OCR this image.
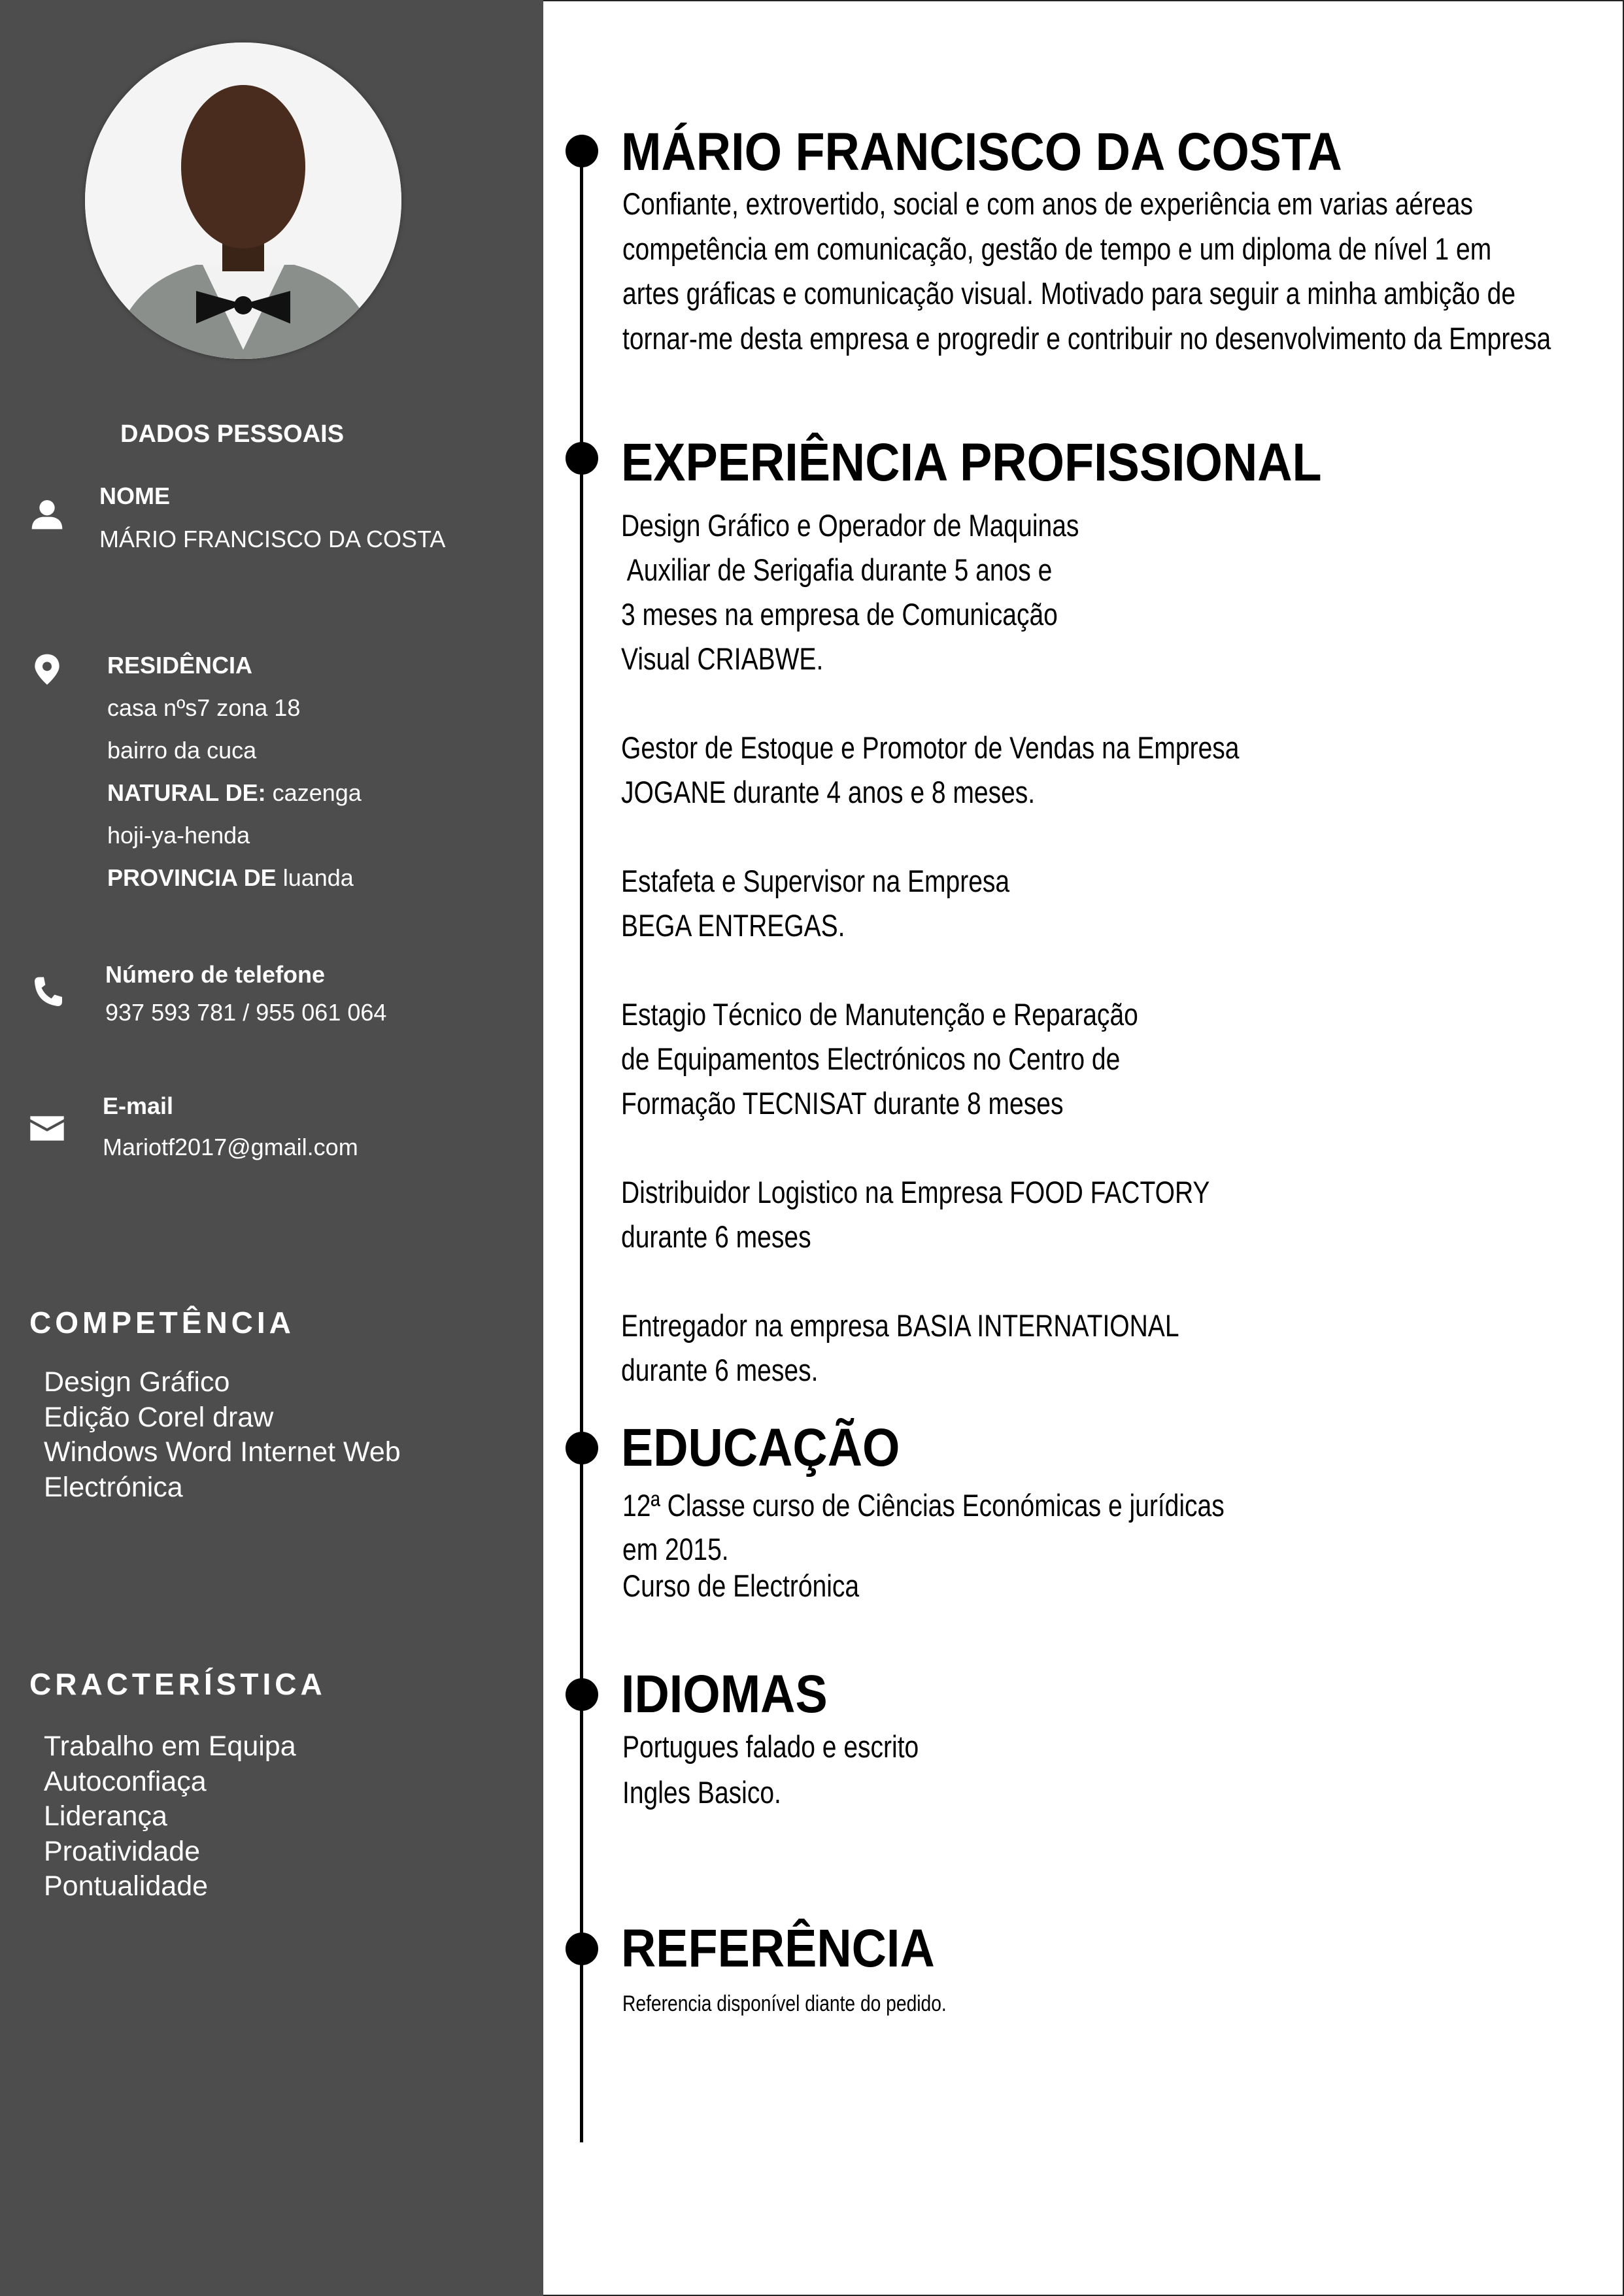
DADOS PESSOAIS
NOME
MÁRIO FRANCISCO DA COSTA
RESIDÊNCIA
casa nºs7 zona 18
bairro da cuca
NATURAL DE: cazenga
hoji-ya-henda
PROVINCIA DE luanda
Número de telefone
937 593 781 / 955 061 064
E-mail
Mariotf2017@gmail.com
COMPETÊNCIA
Design Gráfico
Edição Corel draw
Windows Word Internet Web
Electrónica
CRACTERÍSTICA
Trabalho em Equipa
Autoconfiaça
Liderança
Proatividade
Pontualidade
MÁRIO FRANCISCO DA COSTA
Confiante, extrovertido, social e com anos de experiência em varias aéreas
competência em comunicação, gestão de tempo e um diploma de nível 1 em
artes gráficas e comunicação visual. Motivado para seguir a minha ambição de
tornar-me desta empresa e progredir e contribuir no desenvolvimento da Empresa
EXPERIÊNCIA PROFISSIONAL
Design Gráfico e Operador de Maquinas
Auxiliar de Serigafia durante 5 anos e
3 meses na empresa de Comunicação
Visual CRIABWE.
Gestor de Estoque e Promotor de Vendas na Empresa
JOGANE durante 4 anos e 8 meses.
Estafeta e Supervisor na Empresa
BEGA ENTREGAS.
Estagio Técnico de Manutenção e Reparação
de Equipamentos Electrónicos no Centro de
Formação TECNISAT durante 8 meses
Distribuidor Logistico na Empresa FOOD FACTORY
durante 6 meses
Entregador na empresa BASIA INTERNATIONAL
durante 6 meses.
EDUCAÇÃO
12ª Classe curso de Ciências Económicas e jurídicas
em 2015.
Curso de Electrónica
IDIOMAS
Portugues falado e escrito
Ingles Basico.
REFERÊNCIA
Referencia disponível diante do pedido.
